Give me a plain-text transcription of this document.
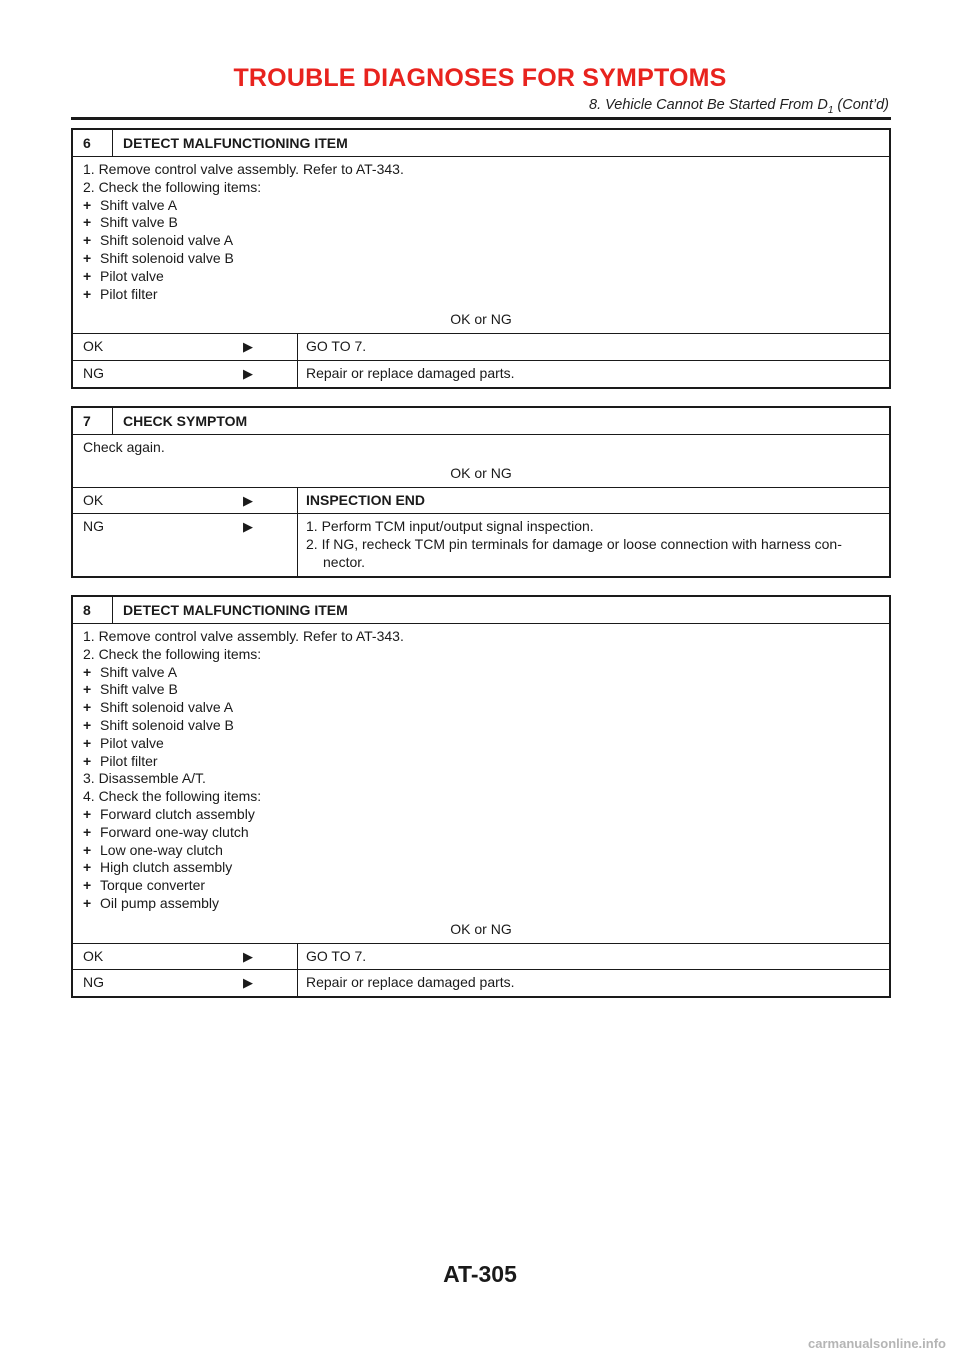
TROUBLE DIAGNOSES FOR SYMPTOMS
8. Vehicle Cannot Be Started From $D_1$ (Cont’d)
6	DETECT MALFUNCTIONING ITEM
1. Remove control valve assembly. Refer to AT-343.
2. Check the following items:
+ Shift valve A
+ Shift valve B
+ Shift solenoid valve A
+ Shift solenoid valve B
+ Pilot valve
+ Pilot filter
OK or NG
OK	▶	GO TO 7.
NG	▶	Repair or replace damaged parts.
7	CHECK SYMPTOM
Check again.
OK or NG
OK	▶	INSPECTION END
NG	▶	1. Perform TCM input/output signal inspection.
2. If NG, recheck TCM pin terminals for damage or loose connection with harness con-
nector.
8	DETECT MALFUNCTIONING ITEM
1. Remove control valve assembly. Refer to AT-343.
2. Check the following items:
+ Shift valve A
+ Shift valve B
+ Shift solenoid valve A
+ Shift solenoid valve B
+ Pilot valve
+ Pilot filter
3. Disassemble A/T.
4. Check the following items:
+ Forward clutch assembly
+ Forward one-way clutch
+ Low one-way clutch
+ High clutch assembly
+ Torque converter
+ Oil pump assembly
OK or NG
OK	▶	GO TO 7.
NG	▶	Repair or replace damaged parts.
AT-305
carmanualsonline.info
